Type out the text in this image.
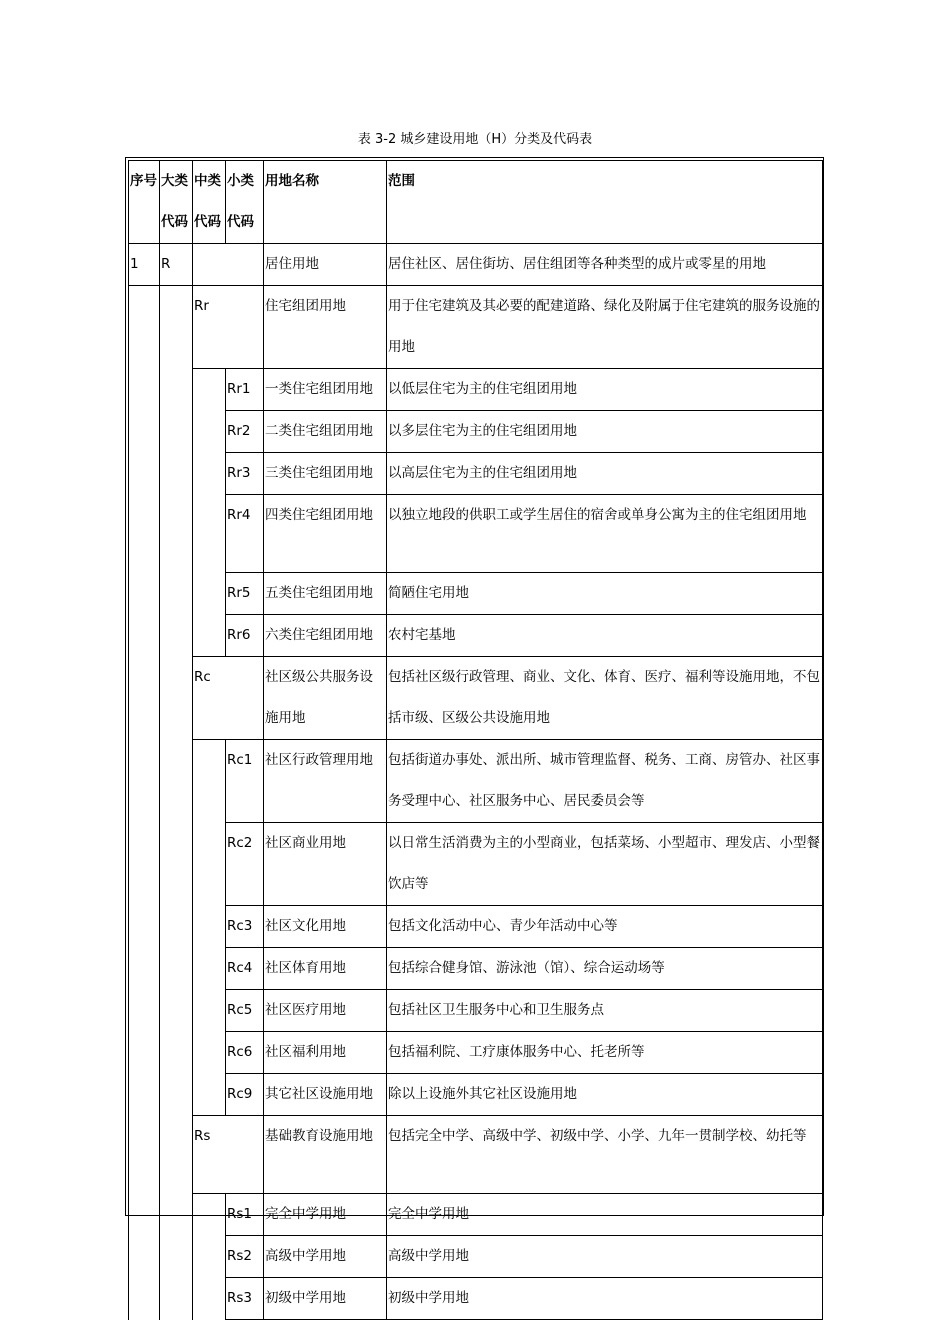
表 3-2 城乡建设用地（H）分类及代码表
序号	大类代码	中类代码	小类代码	用地名称	范围
1	R			居住用地	居住社区、居住街坊、居住组团等各种类型的成片或零星的用地
		Rr		住宅组团用地	用于住宅建筑及其必要的配建道路、绿化及附属于住宅建筑的服务设施的用地
			Rr1	一类住宅组团用地	以低层住宅为主的住宅组团用地
			Rr2	二类住宅组团用地	以多层住宅为主的住宅组团用地
			Rr3	三类住宅组团用地	以高层住宅为主的住宅组团用地
			Rr4	四类住宅组团用地	以独立地段的供职工或学生居住的宿舍或单身公寓为主的住宅组团用地
			Rr5	五类住宅组团用地	简陋住宅用地
			Rr6	六类住宅组团用地	农村宅基地
		Rc		社区级公共服务设施用地	包括社区级行政管理、商业、文化、体育、医疗、福利等设施用地，不包括市级、区级公共设施用地
			Rc1	社区行政管理用地	包括街道办事处、派出所、城市管理监督、税务、工商、房管办、社区事务受理中心、社区服务中心、居民委员会等
			Rc2	社区商业用地	以日常生活消费为主的小型商业，包括菜场、小型超市、理发店、小型餐饮店等
			Rc3	社区文化用地	包括文化活动中心、青少年活动中心等
			Rc4	社区体育用地	包括综合健身馆、游泳池（馆）、综合运动场等
			Rc5	社区医疗用地	包括社区卫生服务中心和卫生服务点
			Rc6	社区福利用地	包括福利院、工疗康体服务中心、托老所等
			Rc9	其它社区设施用地	除以上设施外其它社区设施用地
		Rs		基础教育设施用地	包括完全中学、高级中学、初级中学、小学、九年一贯制学校、幼托等
			Rs1	完全中学用地	完全中学用地
			Rs2	高级中学用地	高级中学用地
			Rs3	初级中学用地	初级中学用地
